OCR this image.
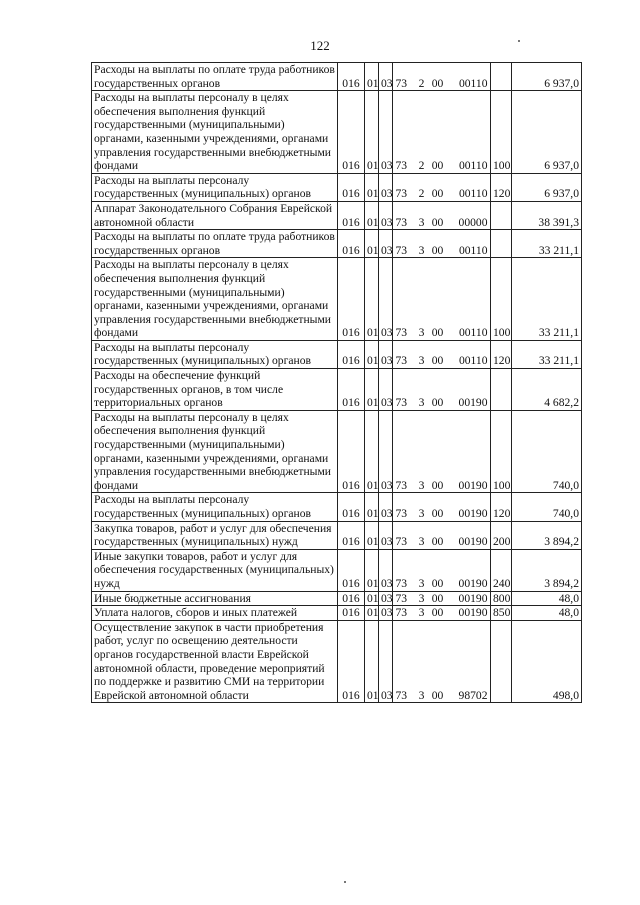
122
Расходы на выплаты по оплате труда работников государственных органов	016	01	03	73 2 00 00110		6 937,0
Расходы на выплаты персоналу в целях обеспечения выполнения функций государственными (муниципальными) органами, казенными учреждениями, органами управления государственными внебюджетными фондами	016	01	03	73 2 00 00110	100	6 937,0
Расходы на выплаты персоналу государственных (муниципальных) органов	016	01	03	73 2 00 00110	120	6 937,0
Аппарат Законодательного Собрания Еврейской автономной области	016	01	03	73 3 00 00000		38 391,3
Расходы на выплаты по оплате труда работников государственных органов	016	01	03	73 3 00 00110		33 211,1
Расходы на выплаты персоналу в целях обеспечения выполнения функций государственными (муниципальными) органами, казенными учреждениями, органами управления государственными внебюджетными фондами	016	01	03	73 3 00 00110	100	33 211,1
Расходы на выплаты персоналу государственных (муниципальных) органов	016	01	03	73 3 00 00110	120	33 211,1
Расходы на обеспечение функций государственных органов, в том числе территориальных органов	016	01	03	73 3 00 00190		4 682,2
Расходы на выплаты персоналу в целях обеспечения выполнения функций государственными (муниципальными) органами, казенными учреждениями, органами управления государственными внебюджетными фондами	016	01	03	73 3 00 00190	100	740,0
Расходы на выплаты персоналу государственных (муниципальных) органов	016	01	03	73 3 00 00190	120	740,0
Закупка товаров, работ и услуг для обеспечения государственных (муниципальных) нужд	016	01	03	73 3 00 00190	200	3 894,2
Иные закупки товаров, работ и услуг для обеспечения государственных (муниципальных) нужд	016	01	03	73 3 00 00190	240	3 894,2
Иные бюджетные ассигнования	016	01	03	73 3 00 00190	800	48,0
Уплата налогов, сборов и иных платежей	016	01	03	73 3 00 00190	850	48,0
Осуществление закупок в части приобретения работ, услуг по освещению деятельности органов государственной власти Еврейской автономной области, проведение мероприятий по поддержке и развитию СМИ на территории Еврейской автономной области	016	01	03	73 3 00 98702		498,0
